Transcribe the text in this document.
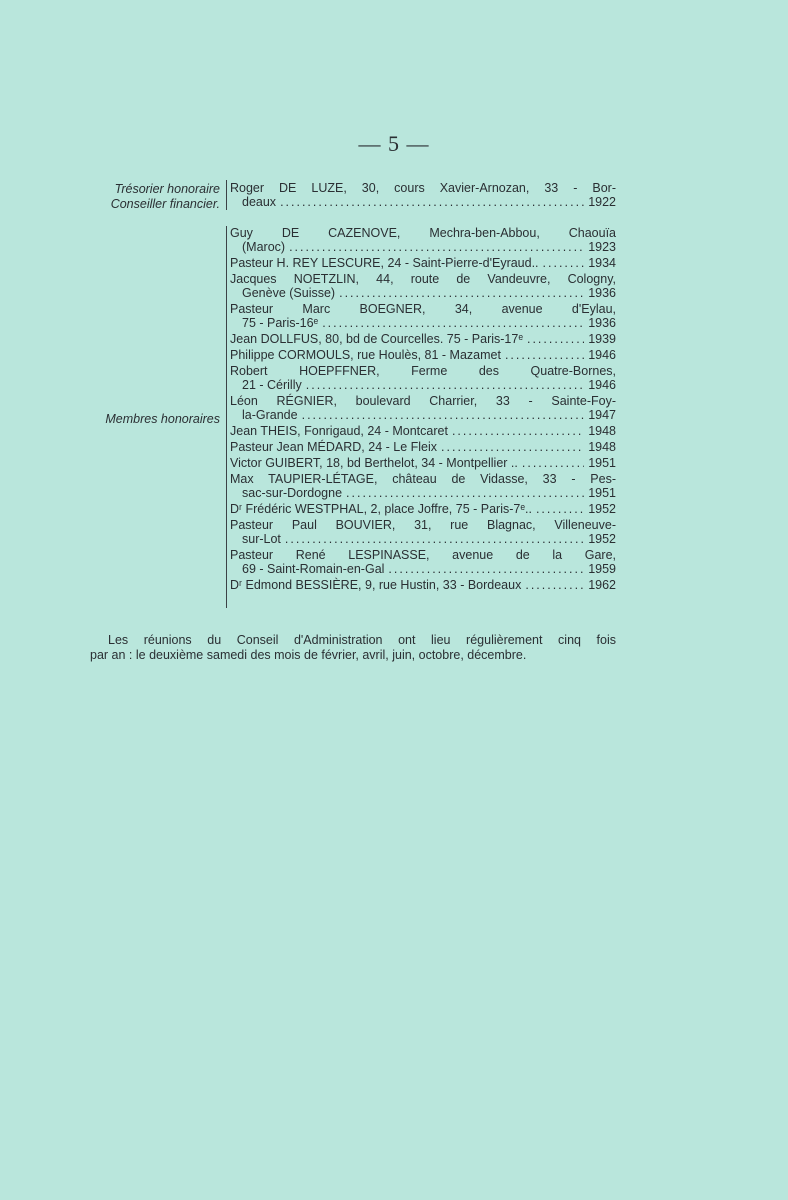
— 5 —
Trésorier honoraire
Conseiller financier.
Roger DE LUZE, 30, cours Xavier-Arnozan, 33 - Bor-
deaux .....	1922
Membres honoraires
Guy DE CAZENOVE, Mechra-ben-Abbou, Chaouïa
(Maroc) .....	1923
Pasteur H. REY LESCURE, 24 - Saint-Pierre-d'Eyraud.. .....	1934
Jacques NOETZLIN, 44, route de Vandeuvre, Cologny,
Genève (Suisse) .....	1936
Pasteur Marc BOEGNER, 34, avenue d'Eylau,
75 - Paris-16ᵉ .....	1936
Jean DOLLFUS, 80, bd de Courcelles. 75 - Paris-17ᵉ .....	1939
Philippe CORMOULS, rue Houlès, 81 - Mazamet .....	1946
Robert HOEPFFNER, Ferme des Quatre-Bornes,
21 - Cérilly .....	1946
Léon RÉGNIER, boulevard Charrier, 33 - Sainte-Foy-
la-Grande .....	1947
Jean THEIS, Fonrigaud, 24 - Montcaret .....	1948
Pasteur Jean MÉDARD, 24 - Le Fleix .....	1948
Victor GUIBERT, 18, bd Berthelot, 34 - Montpellier .. .....	1951
Max TAUPIER-LÉTAGE, château de Vidasse, 33 - Pes-
sac-sur-Dordogne .....	1951
Dʳ Frédéric WESTPHAL, 2, place Joffre, 75 - Paris-7ᵉ.. .....	1952
Pasteur Paul BOUVIER, 31, rue Blagnac, Villeneuve-
sur-Lot .....	1952
Pasteur René LESPINASSE, avenue de la Gare,
69 - Saint-Romain-en-Gal .....	1959
Dʳ Edmond BESSIÈRE, 9, rue Hustin, 33 - Bordeaux .....	1962
Les réunions du Conseil d'Administration ont lieu régulièrement cinq fois
par an : le deuxième samedi des mois de février, avril, juin, octobre, décembre.
